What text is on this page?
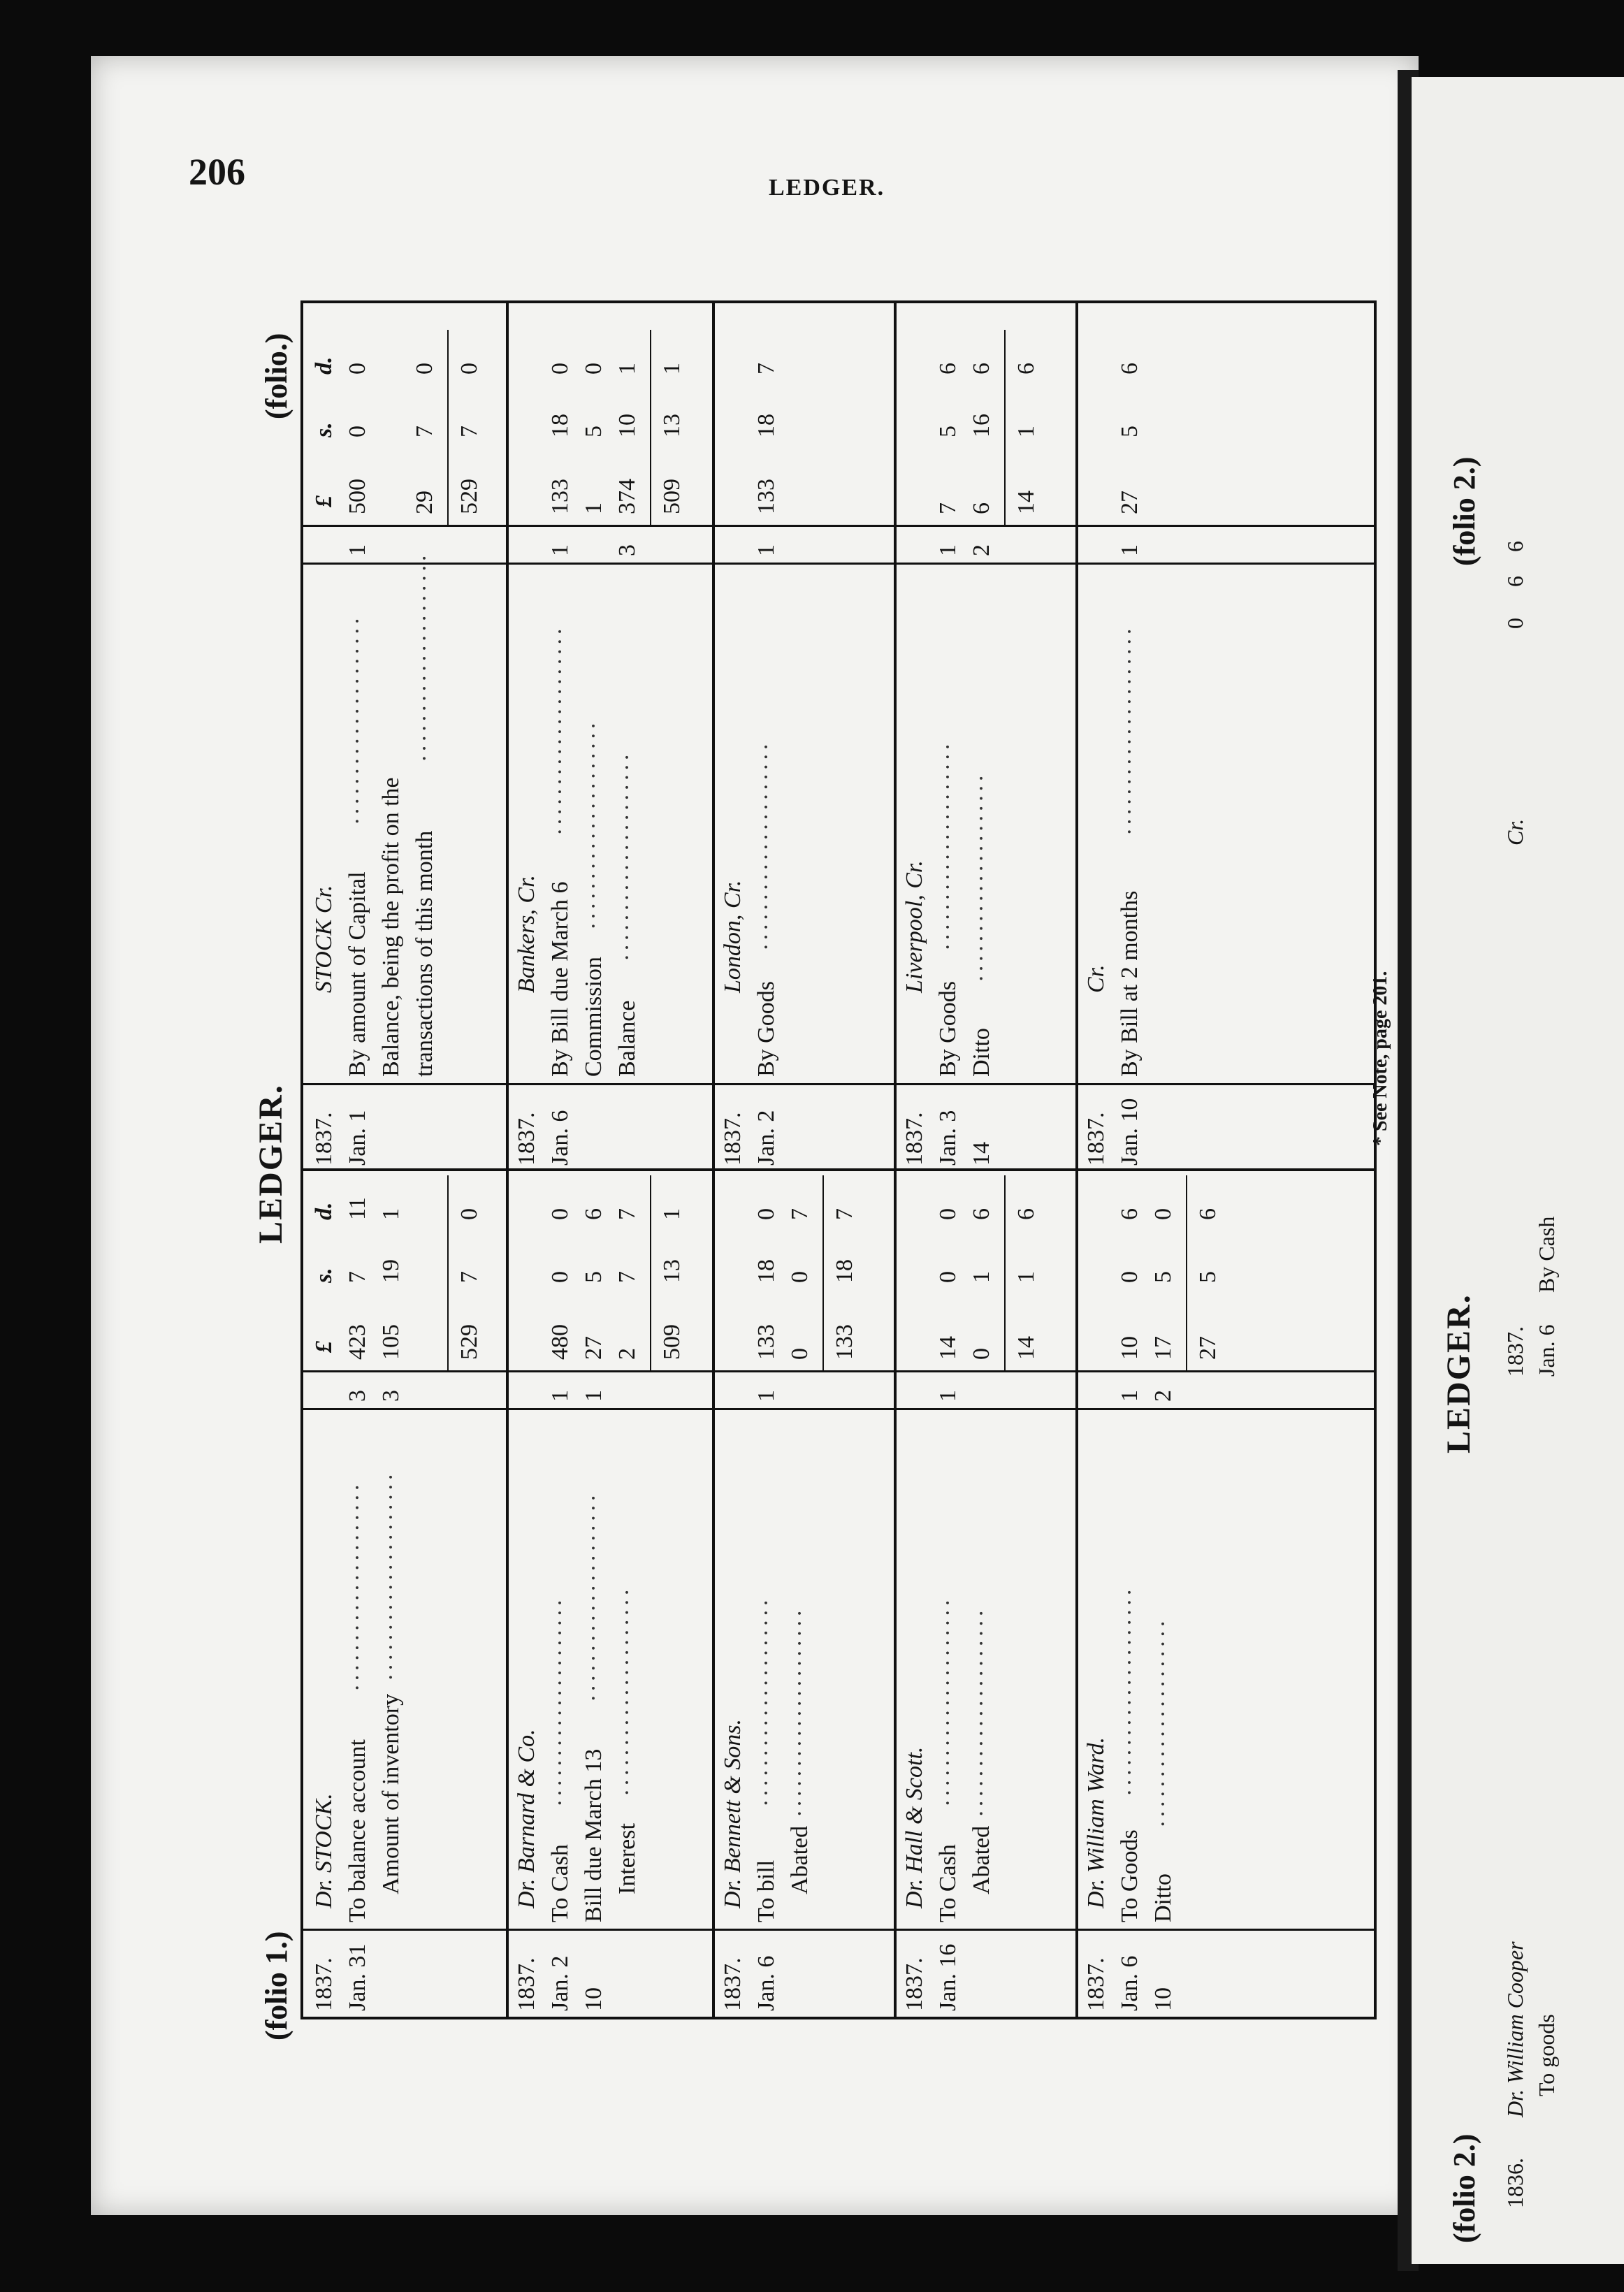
206	LEDGER.
(folio 1.)
(folio.)
LEDGER.
£
s.
d.
£
s.
d.
1837.
Dr. STOCK.
Jan. 31
To balance account
·····················
3
423
7
11
Amount of inventory
·····················
3
105
19
1
529
7
0
1837.
STOCK Cr.
Jan. 1
By amount of Capital
·····················
1
500
0
0
Balance, being the profit on the transactions of this month
·····················
29
7
0
529
7
0
1837.
Dr. Barnard & Co.
Jan. 2
To Cash
·····················
1
480
0
0
10
Bill due March 13
·····················
1
27
5
6
Interest
·····················
2
7
7
509
13
1
1837.
Bankers, Cr.
Jan. 6
By Bill due March 6
·····················
1
133
18
0
Commission
·····················
1
5
0
Balance
·····················
3
374
10
1
509
13
1
1837.
Dr. Bennett & Sons.
Jan. 6
To bill
·····················
1
133
18
0
Abated
·····················
0
0
7
133
18
7
1837.
London, Cr.
Jan. 2
By Goods
·····················
1
133
18
7
1837.
Dr. Hall & Scott.
Jan. 16
To Cash
·····················
1
14
0
0
Abated
·····················
0
1
6
14
1
6
1837.
Liverpool, Cr.
Jan. 3
By Goods
·····················
1
7
5
6
14
Ditto
·····················
2
6
16
6
14
1
6
1837.
Dr. William Ward.
Jan. 6
To Goods
·····················
1
10
0
6
10
Ditto
·····················
2
17
5
0
27
5
6
1837.
Cr.
Jan. 10
By Bill at 2 months
·····················
1
27
5
6
* See Note, page 201.
(folio 2.)
LEDGER.
(folio 2.)
1836.
Dr. William Cooper To goods
1837. Jan. 6
By Cash
Cr.
0
6
6
